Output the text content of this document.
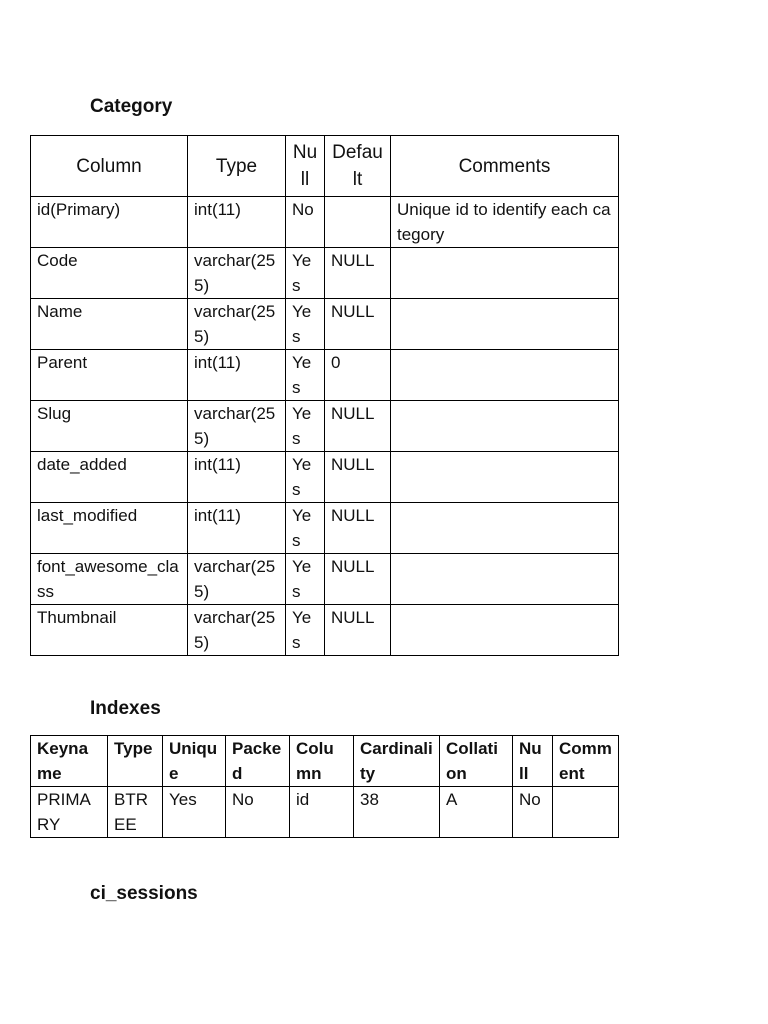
Category
Column	Type	Null	Default	Comments
id(Primary)	int(11)	No		Unique id to identify each category
Code	varchar(255)	Yes	NULL	
Name	varchar(255)	Yes	NULL	
Parent	int(11)	Yes	0	
Slug	varchar(255)	Yes	NULL	
date_added	int(11)	Yes	NULL	
last_modified	int(11)	Yes	NULL	
font_awesome_class	varchar(255)	Yes	NULL	
Thumbnail	varchar(255)	Yes	NULL	
Indexes
Keyname	Type	Unique	Packed	Column	Cardinality	Collation	Null	Comment
PRIMARY	BTREE	Yes	No	id	38	A	No	
ci_sessions
